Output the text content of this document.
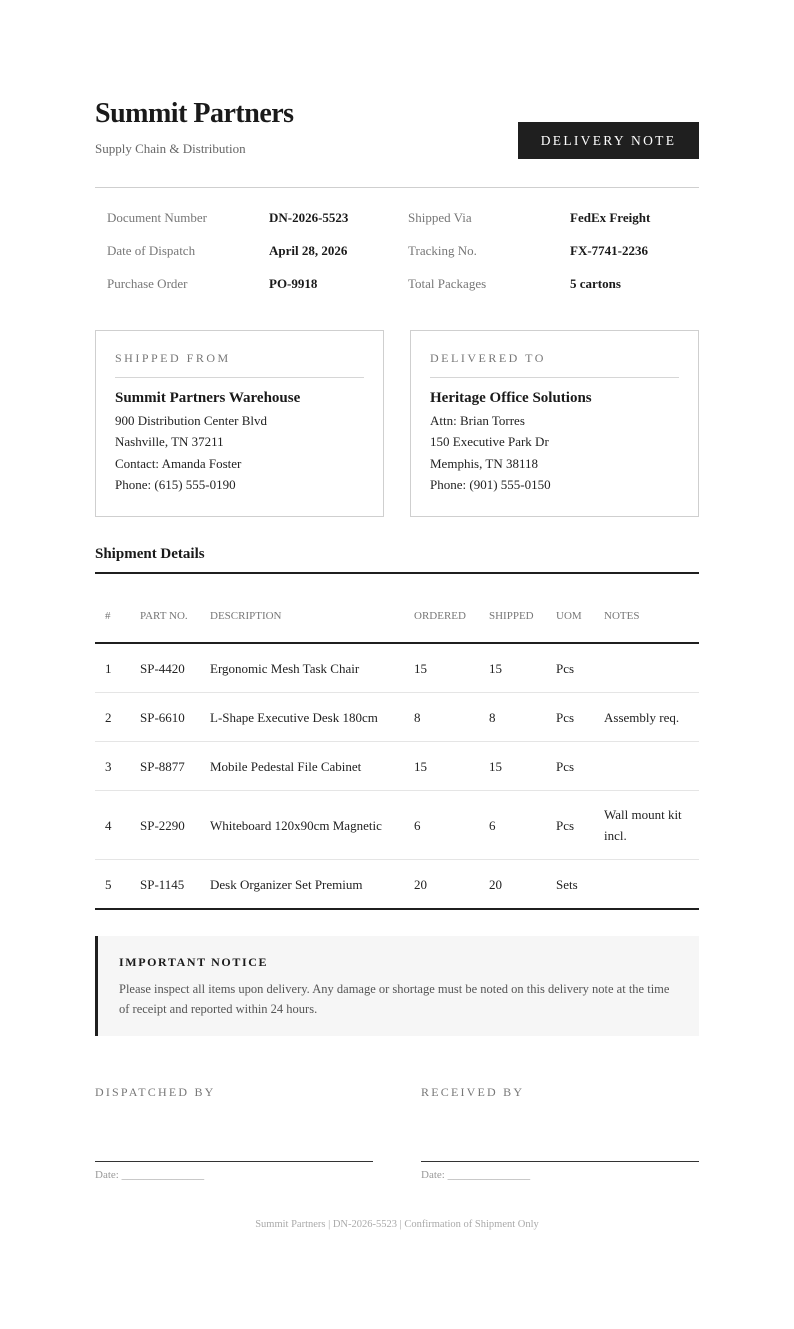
Summit Partners
Supply Chain & Distribution
DELIVERY NOTE
Document Number	DN-2026-5523	Shipped Via	FedEx Freight
Date of Dispatch	April 28, 2026	Tracking No.	FX-7741-2236
Purchase Order	PO-9918	Total Packages	5 cartons
SHIPPED FROM
Summit Partners Warehouse
900 Distribution Center Blvd
Nashville, TN 37211
Contact: Amanda Foster
Phone: (615) 555-0190
DELIVERED TO
Heritage Office Solutions
Attn: Brian Torres
150 Executive Park Dr
Memphis, TN 38118
Phone: (901) 555-0150
Shipment Details
#	PART NO.	DESCRIPTION	ORDERED	SHIPPED	UOM	NOTES
1	SP-4420	Ergonomic Mesh Task Chair	15	15	Pcs	
2	SP-6610	L-Shape Executive Desk 180cm	8	8	Pcs	Assembly req.
3	SP-8877	Mobile Pedestal File Cabinet	15	15	Pcs	
4	SP-2290	Whiteboard 120x90cm Magnetic	6	6	Pcs	Wall mount kit incl.
5	SP-1145	Desk Organizer Set Premium	20	20	Sets	
IMPORTANT NOTICE
Please inspect all items upon delivery. Any damage or shortage must be noted on this delivery note at the time of receipt and reported within 24 hours.
DISPATCHED BY
Date: _______________
RECEIVED BY
Date: _______________
Summit Partners | DN-2026-5523 | Confirmation of Shipment Only
